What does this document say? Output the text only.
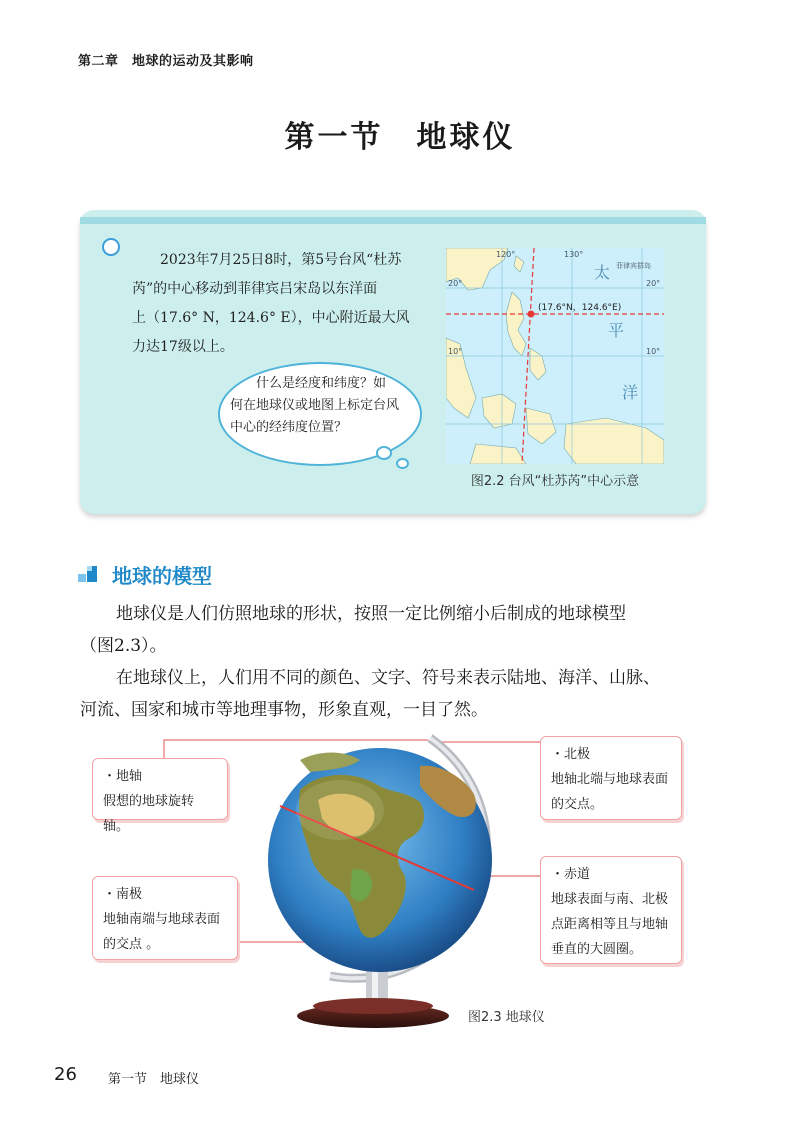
第二章　地球的运动及其影响
第一节　地球仪
2023年7月25日8时，第5号台风“杜苏
芮”的中心移动到菲律宾吕宋岛以东洋面
上（17.6° N，124.6° E），中心附近最大风
力达17级以上。
什么是经度和纬度？如
何在地球仪或地图上标定台风
中心的经纬度位置？
(17.6°N，124.6°E)
120°	130°
20°	20°
10°	10°
菲律宾群岛
太
平
洋
图2.2 台风“杜苏芮”中心示意
地球的模型
地球仪是人们仿照地球的形状，按照一定比例缩小后制成的地球模型
（图2.3）。
在地球仪上，人们用不同的颜色、文字、符号来表示陆地、海洋、山脉、
河流、国家和城市等地理事物，形象直观，一目了然。
・地轴
假想的地球旋转轴。
・北极
地轴北端与地球表面
的交点。
・南极
地轴南端与地球表面
的交点 。
・赤道
地球表面与南、北极
点距离相等且与地轴
垂直的大圆圈。
图2.3 地球仪
26 第一节　地球仪
